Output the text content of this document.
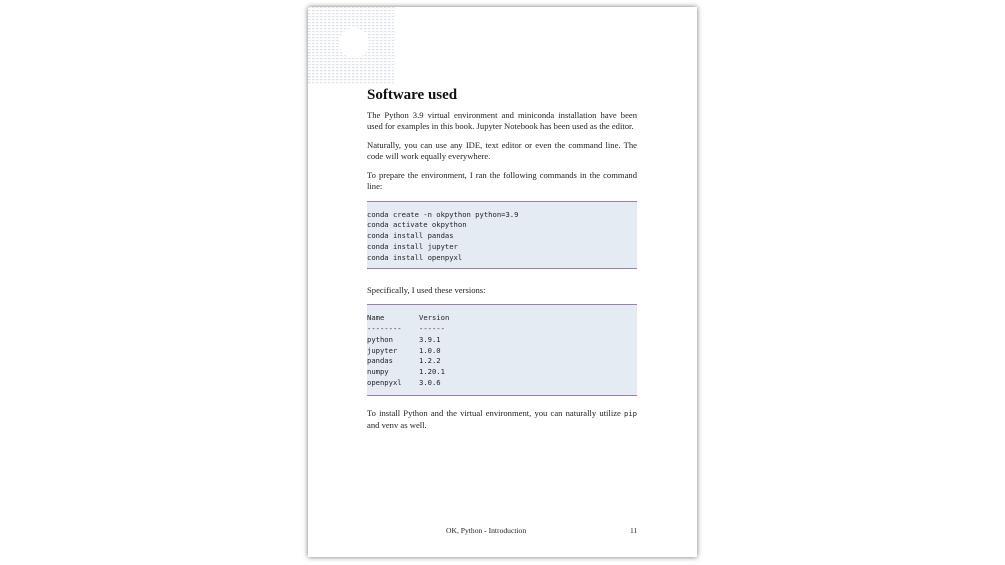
Software used

The Python 3.9 virtual environment and miniconda installation have been used for examples in this book. Jupyter Notebook has been used as the editor.

Naturally, you can use any IDE, text editor or even the command line. The code will work equally everywhere.

To prepare the environment, I ran the following commands in the command line:

conda create -n okpython python=3.9
conda activate okpython
conda install pandas
conda install jupyter
conda install openpyxl

Specifically, I used these versions:

Name	Version
-------- ------
python	3.9.1
jupyter	1.0.0
pandas	1.2.2
numpy	1.20.1
openpyxl 3.0.6

To install Python and the virtual environment, you can naturally utilize pip and venv as well.

OK, Python - Introduction	11
